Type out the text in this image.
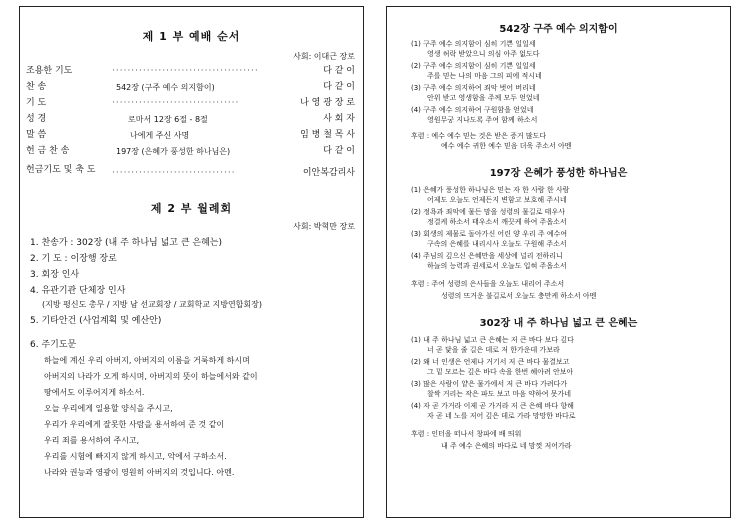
제 1 부 예배 순서
사회: 이대근 장로
조용한 기도	······································	다 같 이
찬 송	542장 (구주 예수 의지함이)	다 같 이
기 도	·································	나 영 광 장 로
성 경	로마서 12장 6절 - 8절	사 회 자
말 씀	나에게 주신 사명	임 병 철 목 사
헌 금 찬 송	197장 (은혜가 풍성한 하나님은)	다 같 이
헌금기도 및 축 도	································	이안복감리사
제 2 부 월례회
사회: 박혁만 장로
1. 찬송가 : 302장 (내 주 하나님 넓고 큰 은혜는)
2. 기 도 : 이장행 장로
3. 회장 인사
4. 유관기관 단체장 인사
(지방 평신도 총무 / 지방 남 선교회장 / 교회학교 지방연합회장)
5. 기타안건 (사업계획 및 예산안)
6. 주기도문
하늘에 계신 우리 아버지, 아버지의 이름을 거룩하게 하시며
아버지의 나라가 오게 하시며, 아버지의 뜻이 하늘에서와 같이
땅에서도 이루어지게 하소서.
오늘 우리에게 일용할 양식을 주시고,
우리가 우리에게 잘못한 사람을 용서하여 준 것 같이
우리 죄를 용서하여 주시고,
우리를 시험에 빠지지 않게 하시고, 악에서 구하소서.
나라와 권능과 영광이 영원히 아버지의 것입니다. 아멘.
542장 구주 예수 의지함이
(1) 구주 예수 의지함이 심히 기쁜 일일세
영생 허락 받았으니 의심 아주 없도다
(2) 구주 예수 의지함이 심히 기쁜 일일세
주를 믿는 나의 마음 그의 피에 적시네
(3) 구주 예수 의지하여 죄악 벗어 버리네
안위 받고 영생함을 주께 모두 얻었네
(4) 구주 예수 의지하여 구원함을 얻었네
영원무궁 지나도록 주여 함께 하소서
후렴 : 예수 예수 믿는 것은 받은 증거 많도다
예수 예수 귀한 예수 믿음 더욱 주소서 아멘
197장 은혜가 풍성한 하나님은
(1) 은혜가 풍성한 하나님은 믿는 자 한 사람 한 사람
어제도 오늘도 언제든지 변함고 보호해 주시네
(2) 정욕과 죄악에 물든 맘을 성령의 물길로 태우사
정결케 하소서 태우소서 깨끗케 하여 주옵소서
(3) 회생의 제물로 돌아가신 어린 양 우리 주 예수여
구속의 은혜를 내리시사 오늘도 구원해 주소서
(4) 주님의 깊으신 은혜만을 세상에 널리 전하리니
하늘의 능력과 권세로서 오늘도 입혀 주옵소서
후렴 : 주여 성령의 은사들을 오늘도 내리어 주소서
성령의 뜨거운 불길로서 오늘도 충만케 하소서 아멘
302장 내 주 하나님 넓고 큰 은혜는
(1) 내 주 하나님 넓고 큰 은혜는 저 큰 바다 보다 깊다
너 곧 닻을 줄 길은 데로 저 한가운데 가보라
(2) 왜 너 인생은 언제나 거기서 저 큰 바다 물결보고
그 밑 모르는 깊은 바다 속을 한번 헤아려 안보아
(3) 많은 사람이 얕은 물가에서 저 큰 바다 가려다가
찰싹 거리는 작은 파도 보고 마음 약하여 못가네
(4) 자 곧 가거라 이제 곧 가거라 저 큰 은혜 바다 향해
자 곧 네 노를 저어 깊은 데로 가라 망망한 바다로
후렴 : 인터을 떠나서 창파에 배 띄워
내 주 예수 은혜의 바다로 네 맘껏 저어가라
